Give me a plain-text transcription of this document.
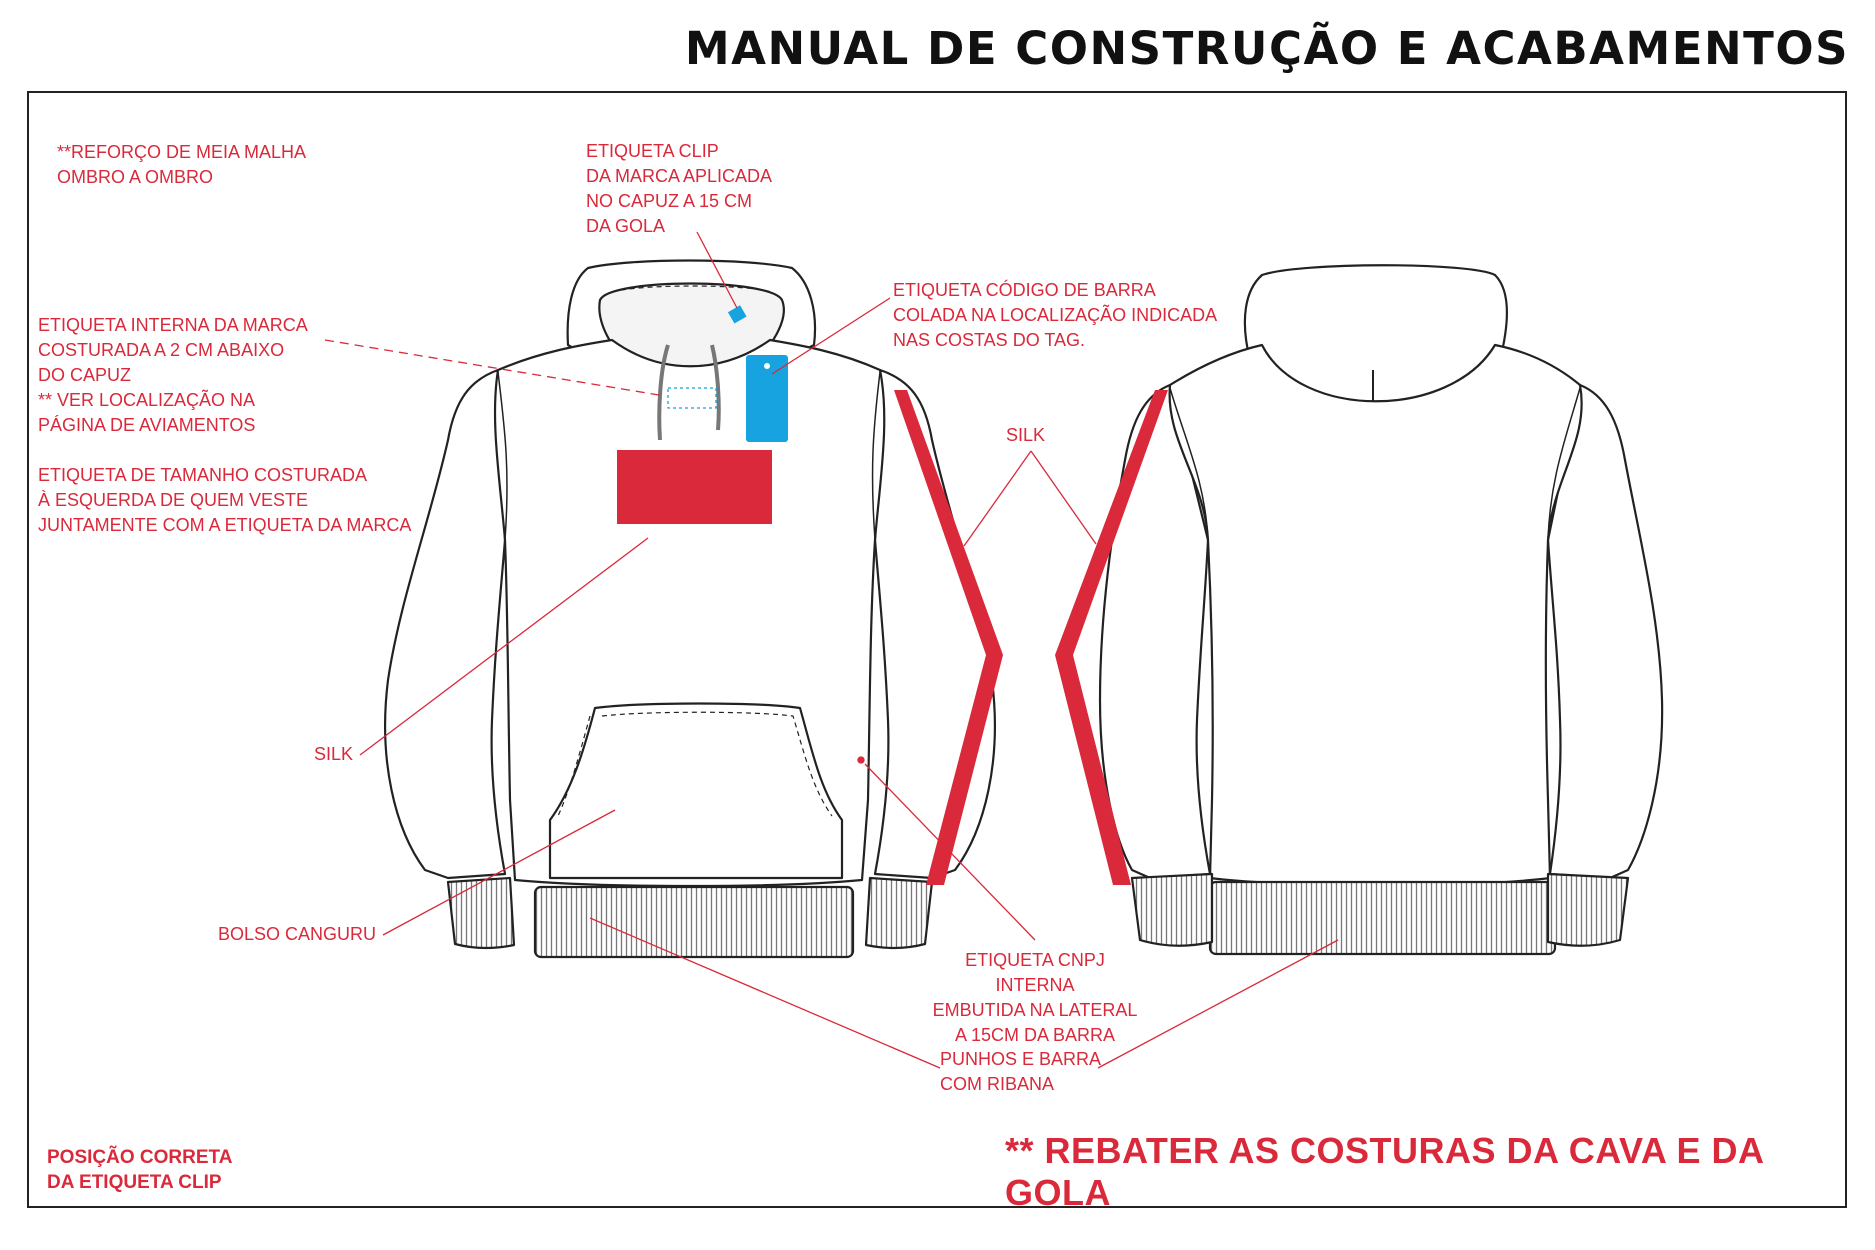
MANUAL DE CONSTRUÇÃO E ACABAMENTOS
**REFORÇO DE MEIA MALHA
OMBRO A OMBRO
ETIQUETA CLIP
DA MARCA APLICADA
NO CAPUZ A 15 CM
DA GOLA
ETIQUETA CÓDIGO DE BARRA
COLADA NA LOCALIZAÇÃO INDICADA
NAS COSTAS DO TAG.
ETIQUETA INTERNA DA MARCA
COSTURADA A 2 CM ABAIXO
DO CAPUZ
** VER LOCALIZAÇÃO NA
PÁGINA DE AVIAMENTOS
ETIQUETA DE TAMANHO COSTURADA
À ESQUERDA DE QUEM VESTE
JUNTAMENTE COM A ETIQUETA DA MARCA
SILK
SILK
BOLSO CANGURU
ETIQUETA CNPJ INTERNA
EMBUTIDA NA LATERAL
A 15CM DA BARRA
PUNHOS E BARRA
COM RIBANA
POSIÇÃO CORRETA
DA ETIQUETA CLIP
** REBATER AS COSTURAS DA CAVA E DA GOLA
